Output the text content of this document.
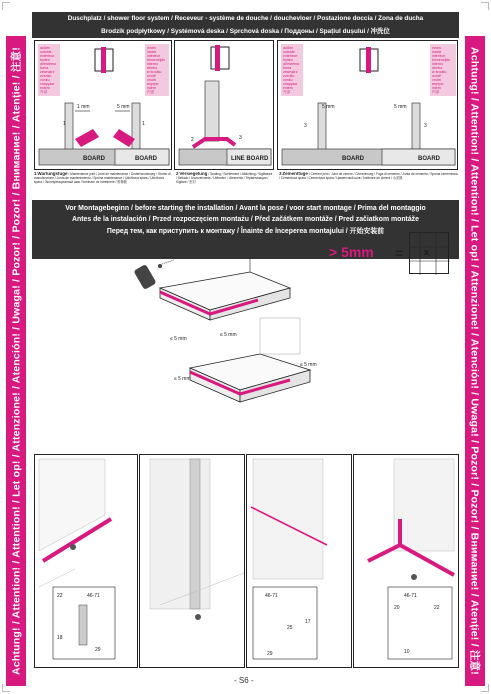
Achtung! / Attention! / Attention! / Let op! / Attenzione! / Atención! / Uwaga! / Pozor! / Pozor! / Внимание! / Atenție! / 注意!	Achtung! / Attention! / Attention! / Let op! / Attenzione! / Atención! / Uwaga! / Pozor! / Pozor! / Внимание! / Atenție! / 注意!
Duschplatz / shower floor system / Receveur - système de douche / douchevloer / Postazione doccia / Zona de ducha
Brodzik podpłytkowy / Systémová deska / Sprchová doska / Поддоны / Spațiul dușului / 冲洗位
außen outside extérieur buiten all'esterno fuera zewnątrz zvenku vonku снаружи extern 外部
innen inside intérieur binnenzijde interno dentro w środku uvnitř vnútri внутри intern 内部
1 mm	5 mm
1	1
BOARD	BOARD
2	1	3
LINE BOARD
außen outside extérieur buiten all'esterno fuera zewnątrz zvenku vonku снаружи extern 外部
innen inside intérieur binnenzijde interno dentro w środku uvnitř vnútri внутри intern 内部
5 mm	5 mm
3	3
BOARD	BOARD
1 Wartungsfuge / Maintenance joint / Joint de maintenance / Onderhoudsvoeg / Giunto di manutenzione / Junta de mantenimiento / Spoina maintenance / Údržbová spára / Údržbová špára / Эксплуатационный шов / Îmbinare de întreținere / 维修缝
2 Versiegelung / Sealing / Scellement / Afdichting / Sigillatura / Sellado / Uszczelnienie / Utěsnění / Utesnenie / Герметизация / Sigilare / 密封
3 Zementfuge / Cement joint / Joint de ciment / Cementvoeg / Fuga di cemento / Junta de cemento / Spoina cementowa / Cementová spára / Cementová špára / Цементный шов / Îmbinare de ciment / 水泥缝
Vor Montagebeginn / before starting the installation / Avant la pose / voor start montage / Prima del montaggio
Antes de la instalación / Przed rozpoczęciem montażu / Před začátkem montáže / Pred začiatkom montáže
Перед тем, как приступить к монтажу / Înainte de începerea montajului / 开始安装前
≤ 5 mm
≤ 5 mm
≤ 5 mm
≤ 5 mm
> 5mm = x
22	46-71
18
29
46-71
25
17
29
46-71
20	22
10
- S6 -
